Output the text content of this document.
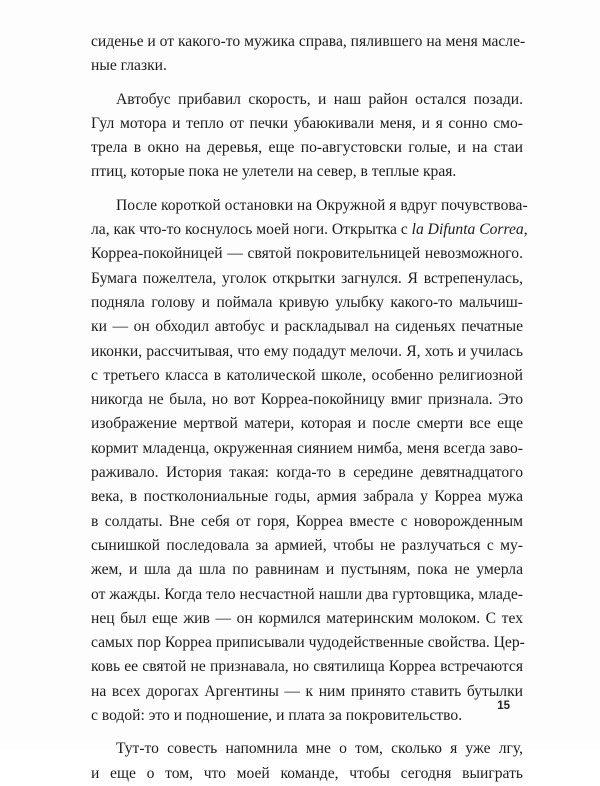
сиденье и от какого-то мужика справа, пялившего на меня масле-
ные глазки.
Автобус прибавил скорость, и наш район остался позади.
Гул мотора и тепло от печки убаюкивали меня, и я сонно смо-
трела в окно на деревья, еще по-августовски голые, и на стаи
птиц, которые пока не улетели на север, в теплые края.
После короткой остановки на Окружной я вдруг почувствова-
ла, как что-то коснулось моей ноги. Открытка с la Difunta Correa,
Корреа-покойницей — святой покровительницей невозможного.
Бумага пожелтела, уголок открытки загнулся. Я встрепенулась,
подняла голову и поймала кривую улыбку какого-то мальчиш-
ки — он обходил автобус и раскладывал на сиденьях печатные
иконки, рассчитывая, что ему подадут мелочи. Я, хоть и училась
с третьего класса в католической школе, особенно религиозной
никогда не была, но вот Корреа-покойницу вмиг признала. Это
изображение мертвой матери, которая и после смерти все еще
кормит младенца, окруженная сиянием нимба, меня всегда заво-
раживало. История такая: когда-то в середине девятнадцатого
века, в постколониальные годы, армия забрала у Корреа мужа
в солдаты. Вне себя от горя, Корреа вместе с новорожденным
сынишкой последовала за армией, чтобы не разлучаться с му-
жем, и шла да шла по равнинам и пустыням, пока не умерла
от жажды. Когда тело несчастной нашли два гуртовщика, младе-
нец был еще жив — он кормился материнским молоком. С тех
самых пор Корреа приписывали чудодейственные свойства. Цер-
ковь ее святой не признавала, но святилища Корреа встречаются
на всех дорогах Аргентины — к ним принято ставить бутылки
с водой: это и подношение, и плата за покровительство.
Тут-то совесть напомнила мне о том, сколько я уже лгу,
и еще о том, что моей команде, чтобы сегодня выиграть
15
